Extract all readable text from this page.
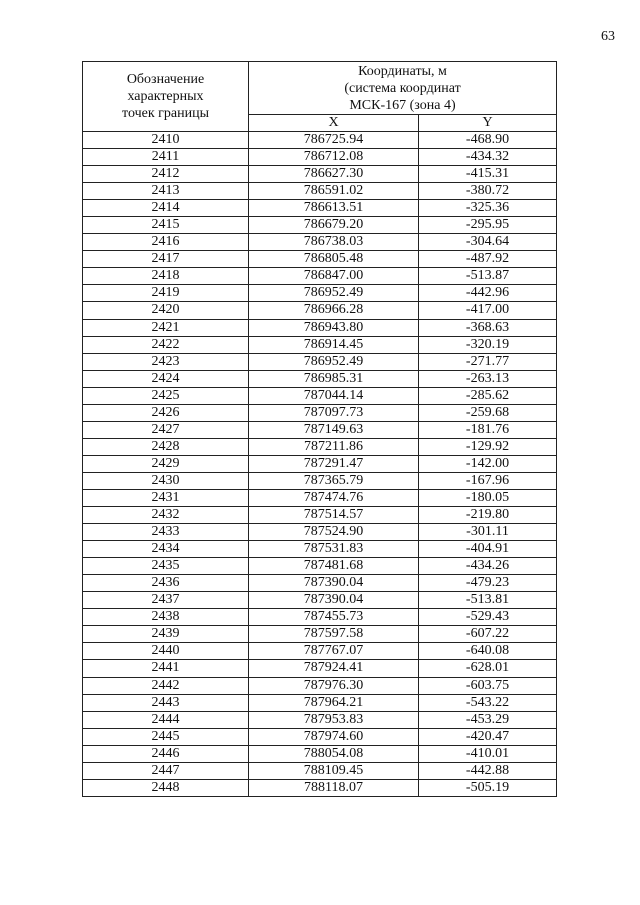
63
Обозначение
характерных
точек границы	Координаты, м
(система координат
МСК-167 (зона 4)	
	X	Y
2410	786725.94	-468.90
2411	786712.08	-434.32
2412	786627.30	-415.31
2413	786591.02	-380.72
2414	786613.51	-325.36
2415	786679.20	-295.95
2416	786738.03	-304.64
2417	786805.48	-487.92
2418	786847.00	-513.87
2419	786952.49	-442.96
2420	786966.28	-417.00
2421	786943.80	-368.63
2422	786914.45	-320.19
2423	786952.49	-271.77
2424	786985.31	-263.13
2425	787044.14	-285.62
2426	787097.73	-259.68
2427	787149.63	-181.76
2428	787211.86	-129.92
2429	787291.47	-142.00
2430	787365.79	-167.96
2431	787474.76	-180.05
2432	787514.57	-219.80
2433	787524.90	-301.11
2434	787531.83	-404.91
2435	787481.68	-434.26
2436	787390.04	-479.23
2437	787390.04	-513.81
2438	787455.73	-529.43
2439	787597.58	-607.22
2440	787767.07	-640.08
2441	787924.41	-628.01
2442	787976.30	-603.75
2443	787964.21	-543.22
2444	787953.83	-453.29
2445	787974.60	-420.47
2446	788054.08	-410.01
2447	788109.45	-442.88
2448	788118.07	-505.19
